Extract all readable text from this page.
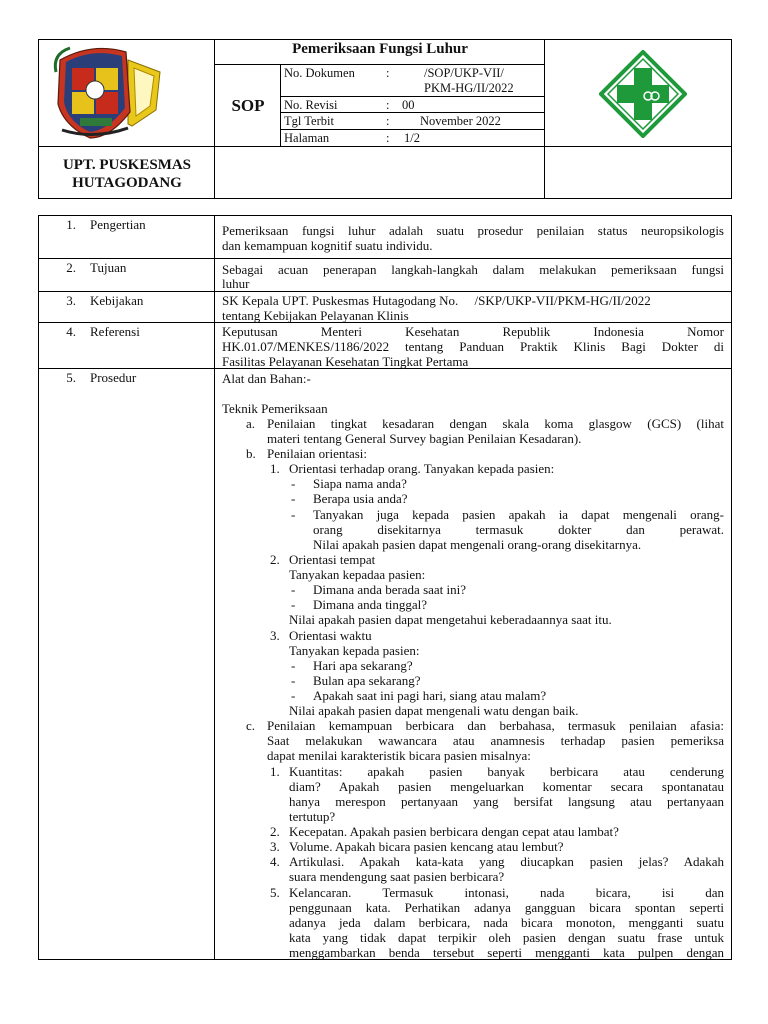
Pemeriksaan Fungsi Luhur
SOP
No. Dokumen :	/SOP/UKP-VII/
PKM-HG/II/2022
No. Revisi	: 00
Tgl Terbit	: November 2022
Halaman	: 1/2
UPT. PUSKESMAS
HUTAGODANG
1. Pengertian	Pemeriksaan fungsi luhur adalah suatu prosedur penilaian status neuropsikologis
dan kemampuan kognitif suatu individu.
2. Tujuan	Sebagai acuan penerapan langkah-langkah dalam melakukan pemeriksaan fungsi
luhur
3. Kebijakan	SK Kepala UPT. Puskesmas Hutagodang No.     /SKP/UKP-VII/PKM-HG/II/2022
tentang Kebijakan Pelayanan Klinis
4. Referensi	Keputusan Menteri Kesehatan Republik Indonesia Nomor
HK.01.07/MENKES/1186/2022 tentang Panduan Praktik Klinis Bagi Dokter di
Fasilitas Pelayanan Kesehatan Tingkat Pertama
5. Prosedur	Alat dan Bahan:-
Teknik Pemeriksaan
a. Penilaian tingkat kesadaran dengan skala koma glasgow (GCS) (lihat
materi tentang General Survey bagian Penilaian Kesadaran).
b. Penilaian orientasi:
1. Orientasi terhadap orang. Tanyakan kepada pasien:
- Siapa nama anda?
- Berapa usia anda?
- Tanyakan juga kepada pasien apakah ia dapat mengenali orang-
orang disekitarnya termasuk dokter dan perawat.
Nilai apakah pasien dapat mengenali orang-orang disekitarnya.
2. Orientasi tempat
Tanyakan kepadaa pasien:
- Dimana anda berada saat ini?
- Dimana anda tinggal?
Nilai apakah pasien dapat mengetahui keberadaannya saat itu.
3. Orientasi waktu
Tanyakan kepada pasien:
- Hari apa sekarang?
- Bulan apa sekarang?
- Apakah saat ini pagi hari, siang atau malam?
Nilai apakah pasien dapat mengenali watu dengan baik.
c. Penilaian kemampuan berbicara dan berbahasa, termasuk penilaian afasia:
Saat melakukan wawancara atau anamnesis terhadap pasien pemeriksa
dapat menilai karakteristik bicara pasien misalnya:
1. Kuantitas: apakah pasien banyak berbicara atau cenderung
diam? Apakah pasien mengeluarkan komentar secara spontanatau
hanya merespon pertanyaan yang bersifat langsung atau pertanyaan
tertutup?
2. Kecepatan. Apakah pasien berbicara dengan cepat atau lambat?
3. Volume. Apakah bicara pasien kencang atau lembut?
4. Artikulasi. Apakah kata-kata yang diucapkan pasien jelas? Adakah
suara mendengung saat pasien berbicara?
5. Kelancaran. Termasuk intonasi, nada bicara, isi dan
penggunaan kata. Perhatikan adanya gangguan bicara spontan seperti
adanya jeda dalam berbicara, nada bicara monoton, mengganti suatu
kata yang tidak dapat terpikir oleh pasien dengan suatu frase untuk
menggambarkan benda tersebut seperti mengganti kata pulpen dengan
